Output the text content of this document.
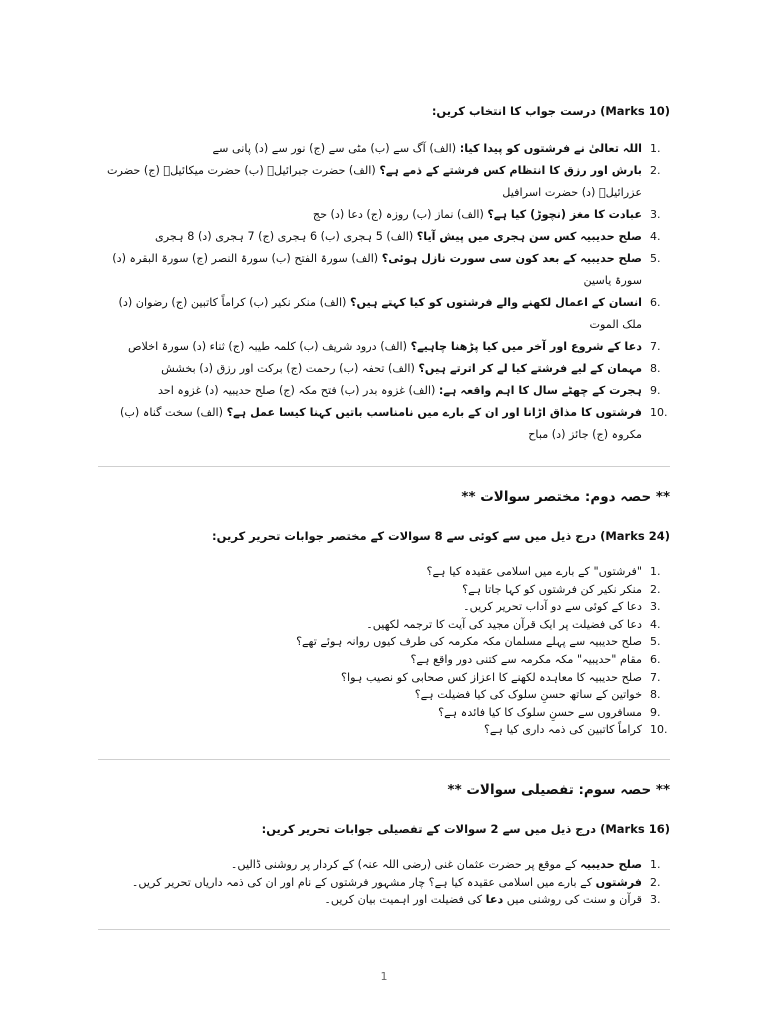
(Marks 10) درست جواب کا انتخاب کریں:
1.
اللہ تعالیٰ نے فرشتوں کو پیدا کیا: (الف) آگ سے (ب) مٹی سے (ج) نور سے (د) پانی سے
2.
بارش اور رزق کا انتظام کس فرشتے کے ذمے ہے؟ (الف) حضرت جبرائیلؑ (ب) حضرت میکائیلؑ (ج) حضرت عزرائیلؑ (د) حضرت اسرافیل
3.
عبادت کا مغز (نچوڑ) کیا ہے؟ (الف) نماز (ب) روزہ (ج) دعا (د) حج
4.
صلح حدیبیہ کس سن ہجری میں پیش آیا؟ (الف) 5 ہجری (ب) 6 ہجری (ج) 7 ہجری (د) 8 ہجری
5.
صلح حدیبیہ کے بعد کون سی سورت نازل ہوئی؟ (الف) سورۃ الفتح (ب) سورۃ النصر (ج) سورۃ البقرہ (د) سورۃ یاسین
6.
انسان کے اعمال لکھنے والے فرشتوں کو کیا کہتے ہیں؟ (الف) منکر نکیر (ب) کراماً کاتبین (ج) رضوان (د) ملک الموت
7.
دعا کے شروع اور آخر میں کیا پڑھنا چاہیے؟ (الف) درود شریف (ب) کلمہ طیبہ (ج) ثناء (د) سورۃ اخلاص
8.
مہمان کے لیے فرشتے کیا لے کر اترتے ہیں؟ (الف) تحفہ (ب) رحمت (ج) برکت اور رزق (د) بخشش
9.
ہجرت کے چھٹے سال کا اہم واقعہ ہے: (الف) غزوہ بدر (ب) فتح مکہ (ج) صلح حدیبیہ (د) غزوہ احد
10.
فرشتوں کا مذاق اڑانا اور ان کے بارے میں نامناسب باتیں کہنا کیسا عمل ہے؟ (الف) سخت گناہ (ب) مکروہ (ج) جائز (د) مباح
** حصہ دوم: مختصر سوالات **
(Marks 24) درج ذیل میں سے کوئی سے 8 سوالات کے مختصر جوابات تحریر کریں:
1.
"فرشتوں" کے بارے میں اسلامی عقیدہ کیا ہے؟
2.
منکر نکیر کن فرشتوں کو کہا جاتا ہے؟
3.
دعا کے کوئی سے دو آداب تحریر کریں۔
4.
دعا کی فضیلت پر ایک قرآن مجید کی آیت کا ترجمہ لکھیں۔
5.
صلح حدیبیہ سے پہلے مسلمان مکہ مکرمہ کی طرف کیوں روانہ ہوئے تھے؟
6.
مقام "حدیبیہ" مکہ مکرمہ سے کتنی دور واقع ہے؟
7.
صلح حدیبیہ کا معاہدہ لکھنے کا اعزاز کس صحابی کو نصیب ہوا؟
8.
خواتین کے ساتھ حسنِ سلوک کی کیا فضیلت ہے؟
9.
مسافروں سے حسنِ سلوک کا کیا فائدہ ہے؟
10.
کراماً کاتبین کی ذمہ داری کیا ہے؟
** حصہ سوم: تفصیلی سوالات **
(Marks 16) درج ذیل میں سے 2 سوالات کے تفصیلی جوابات تحریر کریں:
1.
صلح حدیبیہ کے موقع پر حضرت عثمان غنی (رضی اللہ عنہ) کے کردار پر روشنی ڈالیں۔
2.
فرشتوں کے بارے میں اسلامی عقیدہ کیا ہے؟ چار مشہور فرشتوں کے نام اور ان کی ذمہ داریاں تحریر کریں۔
3.
قرآن و سنت کی روشنی میں دعا کی فضیلت اور اہمیت بیان کریں۔
1
